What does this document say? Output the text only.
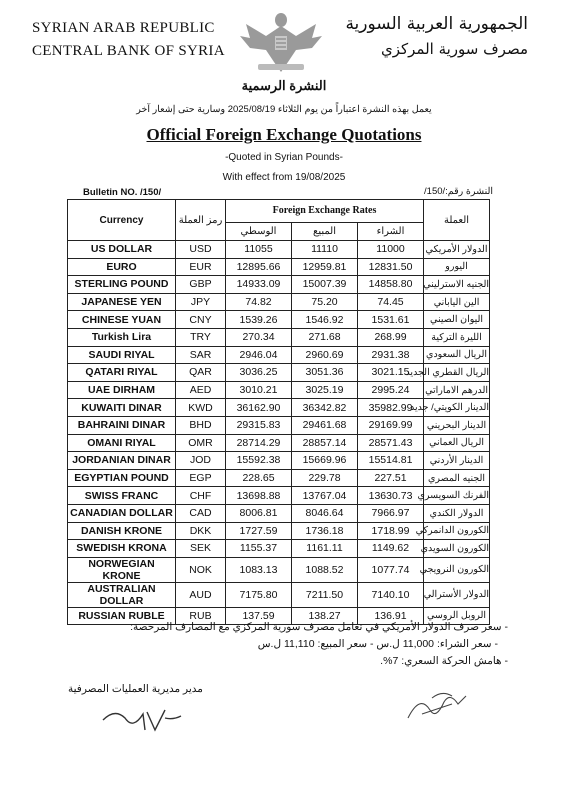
SYRIAN ARAB REPUBLIC
CENTRAL BANK OF SYRIA
الجمهورية العربية السورية
مصرف سورية المركزي
النشرة الرسمية
يعمل بهذه النشرة اعتباراً من يوم الثلاثاء 2025/08/19 وسارية حتى إشعار آخر
Official Foreign Exchange Quotations
-Quoted in Syrian Pounds-
With effect from 19/08/2025
Bulletin NO. /150/	النشرة رقم:/150/
Currency	رمز العملة	Foreign Exchange Rates			العملة
		الوسطي	المبيع	الشراء	
US DOLLAR	USD	11055	11110	11000	الدولار الأمريكي
EURO	EUR	12895.66	12959.81	12831.50	اليورو
STERLING POUND	GBP	14933.09	15007.39	14858.80	الجنيه الاسترليني
JAPANESE YEN	JPY	74.82	75.20	74.45	الين الياباني
CHINESE YUAN	CNY	1539.26	1546.92	1531.61	اليوان الصيني
Turkish Lira	TRY	270.34	271.68	268.99	الليرة التركية
SAUDI RIYAL	SAR	2946.04	2960.69	2931.38	الريال السعودي
QATARI RIYAL	QAR	3036.25	3051.36	3021.15	الريال القطري الجديد
UAE DIRHAM	AED	3010.21	3025.19	2995.24	الدرهم الاماراتي
KUWAITI DINAR	KWD	36162.90	36342.82	35982.99	الدينار الكويتي/ جديد
BAHRAINI DINAR	BHD	29315.83	29461.68	29169.99	الدينار البحريني
OMANI RIYAL	OMR	28714.29	28857.14	28571.43	الريال العماني
JORDANIAN DINAR	JOD	15592.38	15669.96	15514.81	الدينار الأردني
EGYPTIAN POUND	EGP	228.65	229.78	227.51	الجنيه المصري
SWISS FRANC	CHF	13698.88	13767.04	13630.73	الفرنك السويسري
CANADIAN DOLLAR	CAD	8006.81	8046.64	7966.97	الدولار الكندي
DANISH KRONE	DKK	1727.59	1736.18	1718.99	الكورون الدانمركي
SWEDISH KRONA	SEK	1155.37	1161.11	1149.62	الكورون السويدي
NORWEGIAN KRONE	NOK	1083.13	1088.52	1077.74	الكورون النرويجي
AUSTRALIAN DOLLAR	AUD	7175.80	7211.50	7140.10	الدولار الأسترالي
RUSSIAN RUBLE	RUB	137.59	138.27	136.91	الروبل الروسي
- سعر صرف الدولار الأمريكي في تعامل مصرف سورية المركزي مع المصارف المرخصة:
- سعر الشراء: 11,000 ل.س - سعر المبيع: 11,110 ل.س
- هامش الحركة السعري: 7%.
مدير مديرية العمليات المصرفية
